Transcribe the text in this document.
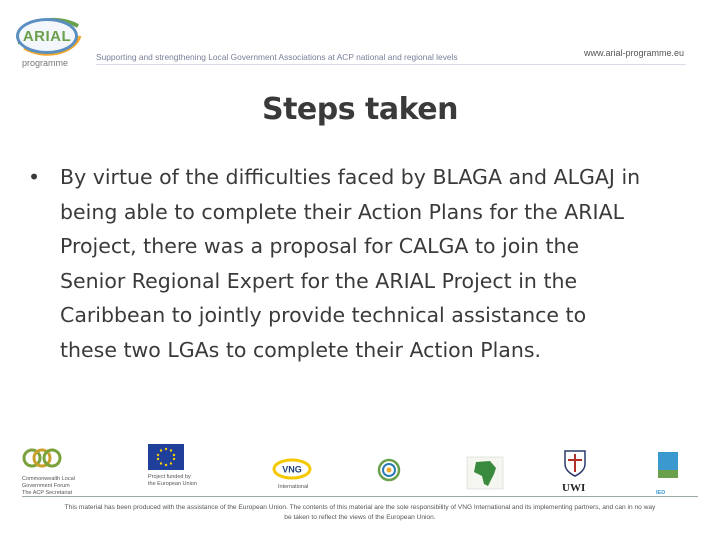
ARIAL
programme
Supporting and strengthening Local Government Associations at ACP national and regional levels	www.arial-programme.eu
Steps taken
• By virtue of the difficulties faced by BLAGA and ALGAJ in
being able to complete their Action Plans for the ARIAL
Project, there was a proposal for CALGA to join the
Senior Regional Expert for the ARIAL Project in the
Caribbean to jointly provide technical assistance to
these two LGAs to complete their Action Plans.
Commonwealth Local Government Forum
The ACP Secretariat
Project funded by
the European Union
VNG
International	UWI	IED
This material has been produced with the assistance of the European Union. The contents of this material are the sole responsibility of VNG International and its implementing partners, and can in no way
be taken to reflect the views of the European Union.
